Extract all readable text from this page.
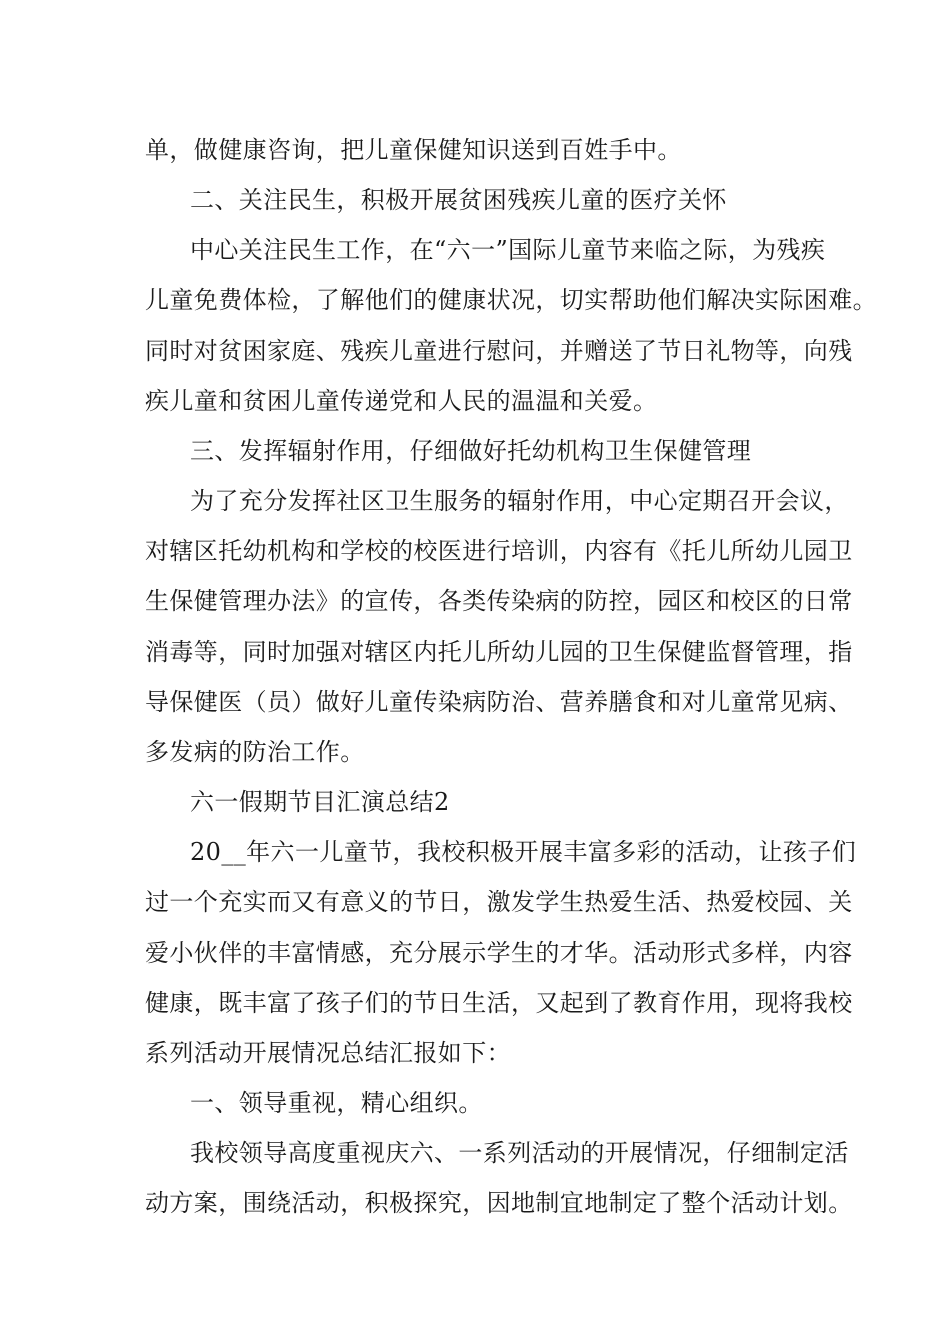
单，做健康咨询，把儿童保健知识送到百姓手中。
二、关注民生，积极开展贫困残疾儿童的医疗关怀
中心关注民生工作，在“六一”国际儿童节来临之际，为残疾
儿童免费体检，了解他们的健康状况，切实帮助他们解决实际困难。
同时对贫困家庭、残疾儿童进行慰问，并赠送了节日礼物等，向残
疾儿童和贫困儿童传递党和人民的温温和关爱。
三、发挥辐射作用，仔细做好托幼机构卫生保健管理
为了充分发挥社区卫生服务的辐射作用，中心定期召开会议，
对辖区托幼机构和学校的校医进行培训，内容有《托儿所幼儿园卫
生保健管理办法》的宣传，各类传染病的防控，园区和校区的日常
消毒等，同时加强对辖区内托儿所幼儿园的卫生保健监督管理，指
导保健医（员）做好儿童传染病防治、营养膳食和对儿童常见病、
多发病的防治工作。
六一假期节目汇演总结2
20__年六一儿童节，我校积极开展丰富多彩的活动，让孩子们
过一个充实而又有意义的节日，激发学生热爱生活、热爱校园、关
爱小伙伴的丰富情感，充分展示学生的才华。活动形式多样，内容
健康，既丰富了孩子们的节日生活，又起到了教育作用，现将我校
系列活动开展情况总结汇报如下：
一、领导重视，精心组织。
我校领导高度重视庆六、一系列活动的开展情况，仔细制定活
动方案，围绕活动，积极探究，因地制宜地制定了整个活动计划。
